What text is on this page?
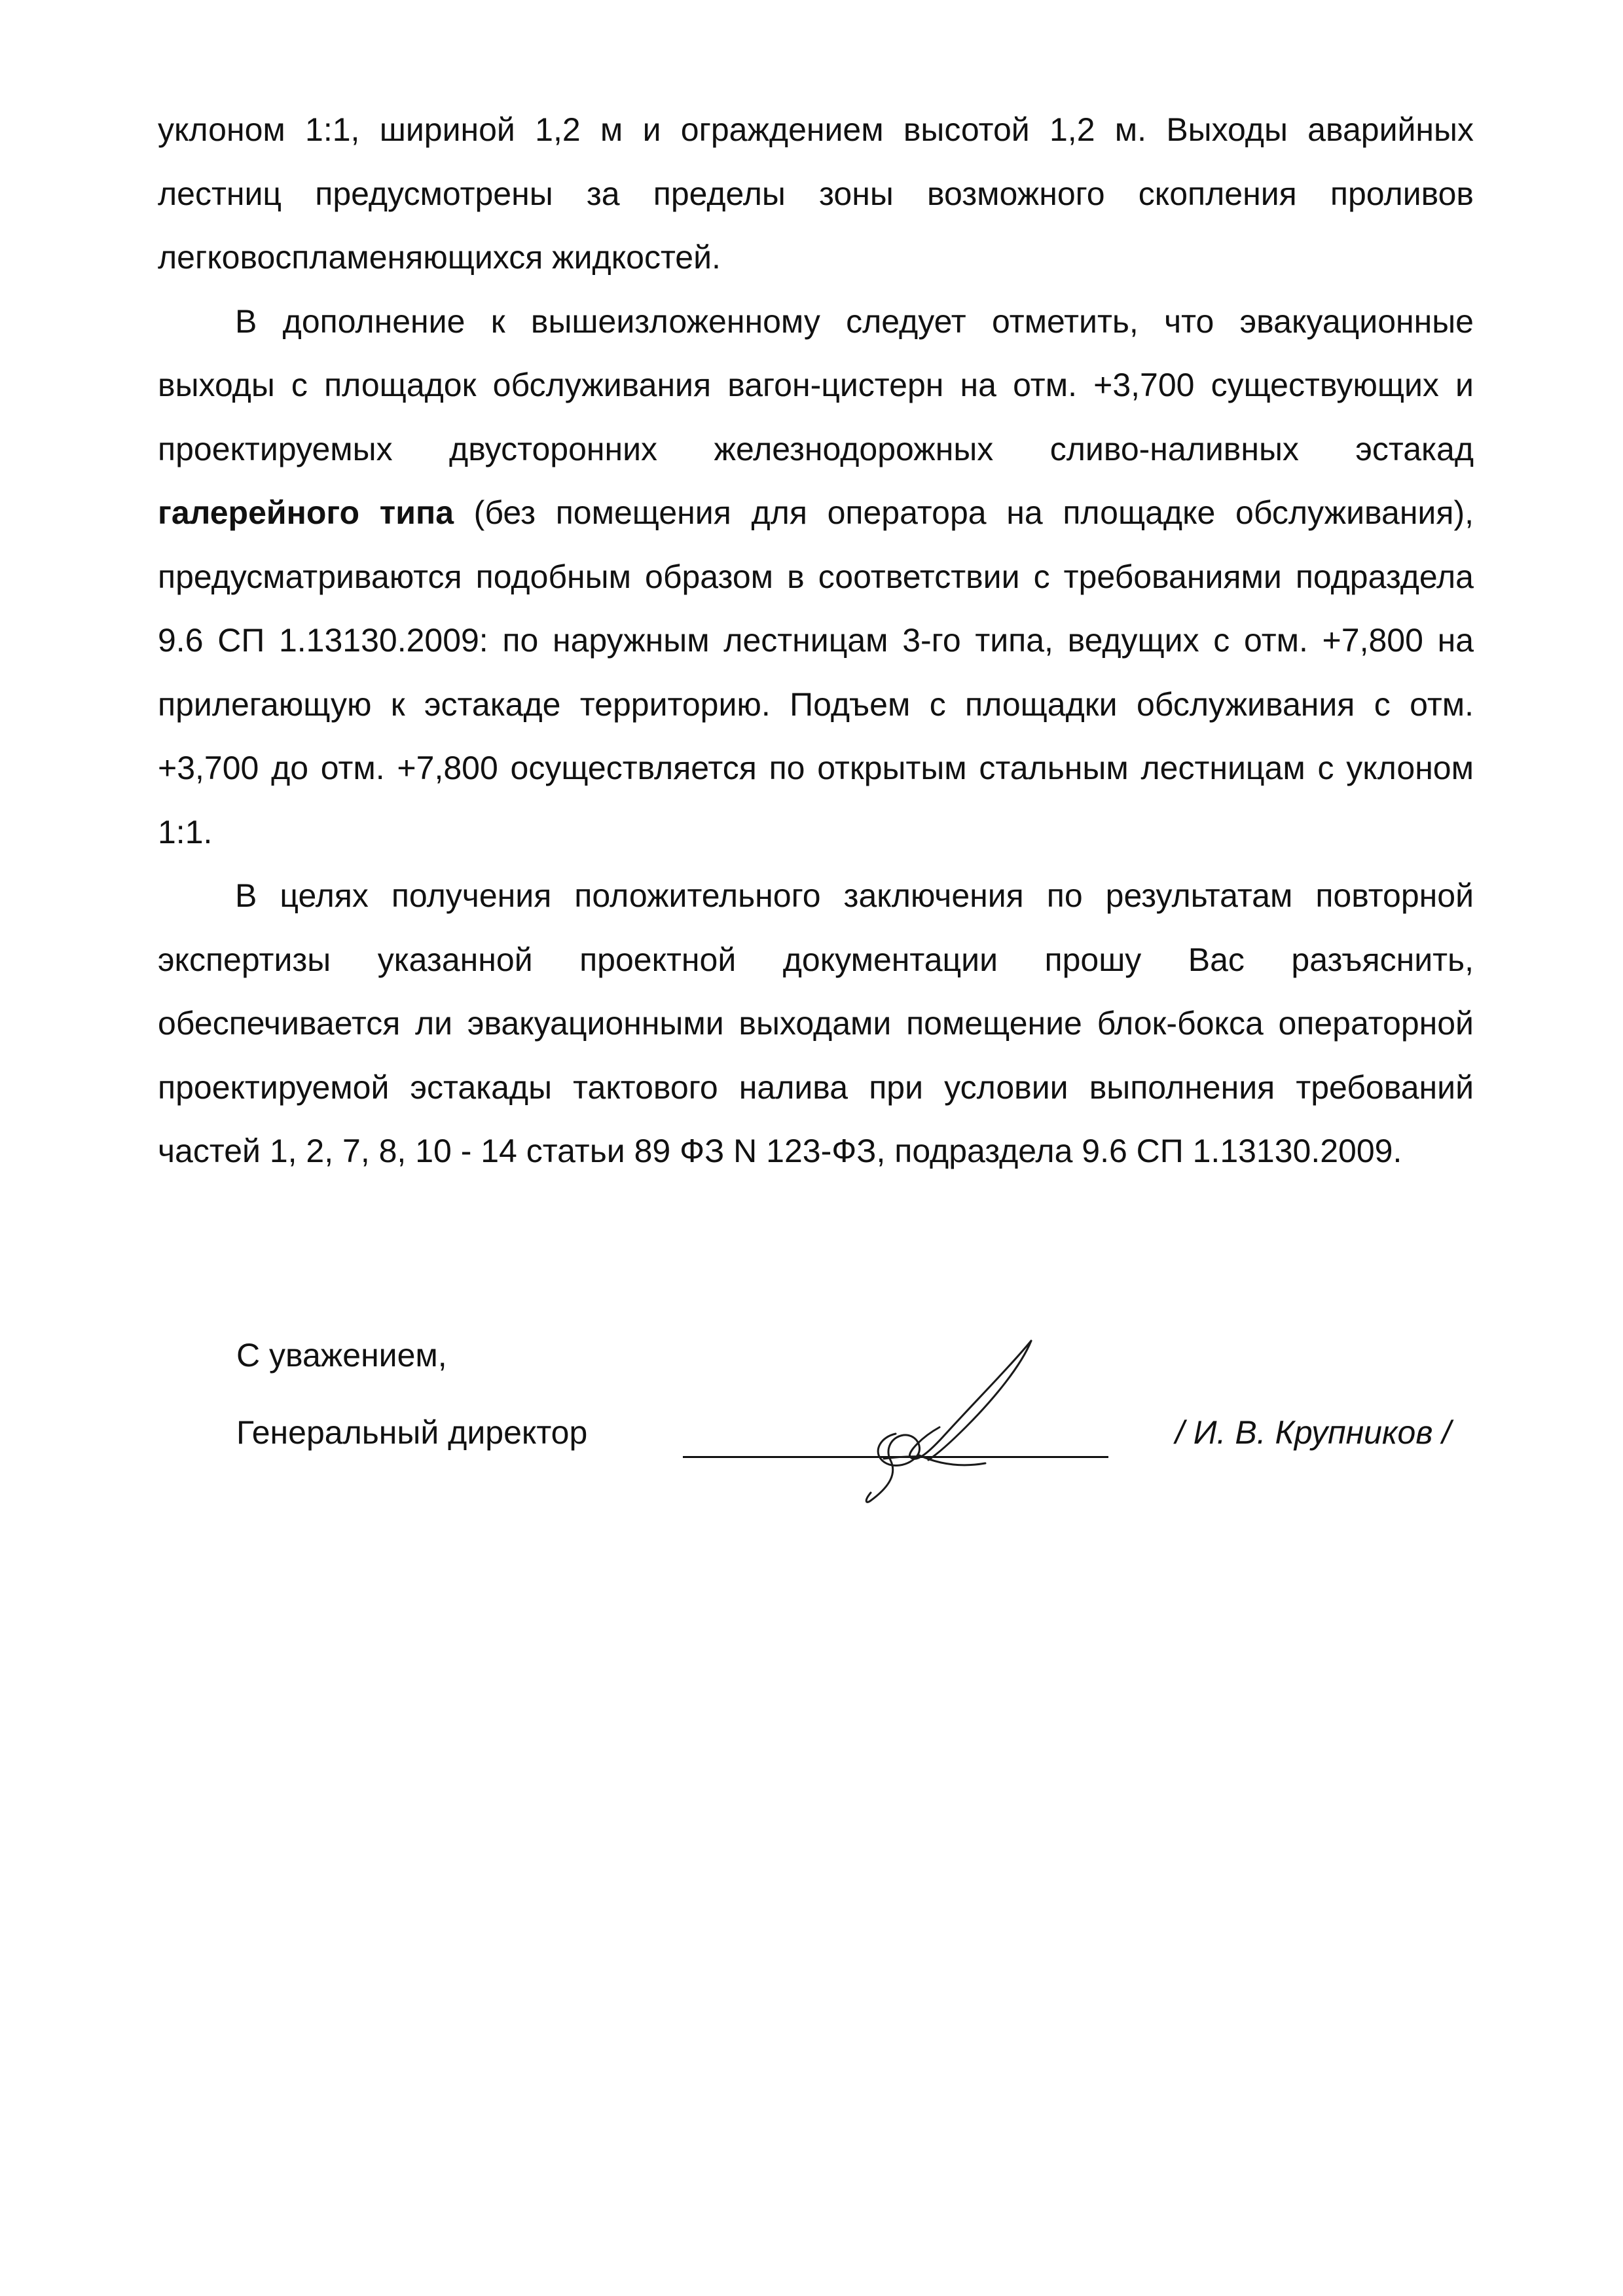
уклоном 1:1, шириной 1,2 м и ограждением высотой 1,2 м. Выходы аварийных лестниц предусмотрены за пределы зоны возможного скопления проливов легковоспламеняющихся жидкостей.

В дополнение к вышеизложенному следует отметить, что эвакуационные выходы с площадок обслуживания вагон-цистерн на отм. +3,700 существующих и проектируемых двусторонних железнодорожных сливо-наливных эстакад галерейного типа (без помещения для оператора на площадке обслуживания), предусматриваются подобным образом в соответствии с требованиями подраздела 9.6 СП 1.13130.2009: по наружным лестницам 3-го типа, ведущих с отм. +7,800 на прилегающую к эстакаде территорию. Подъем с площадки обслуживания с отм. +3,700 до отм. +7,800 осуществляется по открытым стальным лестницам с уклоном 1:1.

В целях получения положительного заключения по результатам повторной экспертизы указанной проектной документации прошу Вас разъяснить, обеспечивается ли эвакуационными выходами помещение блок-бокса операторной проектируемой эстакады тактового налива при условии выполнения требований частей 1, 2, 7, 8, 10 - 14 статьи 89 ФЗ N 123-ФЗ, подраздела 9.6 СП 1.13130.2009.

С уважением,
Генеральный директор	/ И. В. Крупников /
